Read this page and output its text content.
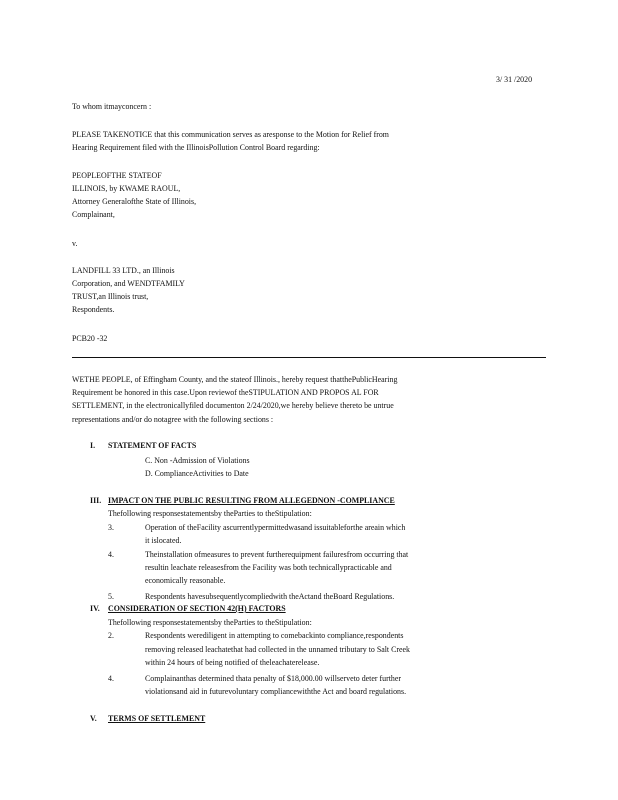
3/ 31 /2020
To whom itmayconcern :
PLEASE TAKENOTICE that this communication serves as aresponse to the Motion for Relief from
Hearing Requirement filed with the IllinoisPollution Control Board regarding:
PEOPLEOFTHE STATEOF
ILLINOIS, by KWAME RAOUL,
Attorney Generalofthe State of Illinois,
Complainant,
v.
LANDFILL 33 LTD., an Illinois
Corporation, and WENDTFAMILY
TRUST,an Illinois trust,
Respondents.
PCB20 -32
WETHE PEOPLE, of Effingham County, and the stateof Illinois., hereby request thatthePublicHearing
Requirement be honored in this case.Upon reviewof theSTIPULATION AND PROPOS AL FOR
SETTLEMENT, in the electronicallyfiled documenton 2/24/2020,we hereby believe thereto be untrue
representations and/or do notagree with the following sections :
I. STATEMENT OF FACTS
C. Non -Admission of Violations
D. ComplianceActivities to Date
III. IMPACT ON THE PUBLIC RESULTING FROM ALLEGEDNON -COMPLIANCE
Thefollowing responsestatementsby theParties to theStipulation:
3.	Operation of theFacility ascurrentlypermittedwasand issuitableforthe areain which
it islocated.
4.	Theinstallation ofmeasures to prevent furtherequipment failuresfrom occurring that
resultin leachate releasesfrom the Facility was both technicallypracticable and
economically reasonable.
5.	Respondents havesubsequentlycompliedwith theActand theBoard Regulations.
IV. CONSIDERATION OF SECTION 42(H) FACTORS
Thefollowing responsestatementsby theParties to theStipulation:
2.	Respondents werediligent in attempting to comebackinto compliance,respondents
removing released leachatethat had collected in the unnamed tributary to Salt Creek
within 24 hours of being notified of theleachaterelease.
4.	Complainanthas determined thata penalty of $18,000.00 willserveto deter further
violationsand aid in futurevoluntary compliancewiththe Act and board regulations.
V. TERMS OF SETTLEMENT
